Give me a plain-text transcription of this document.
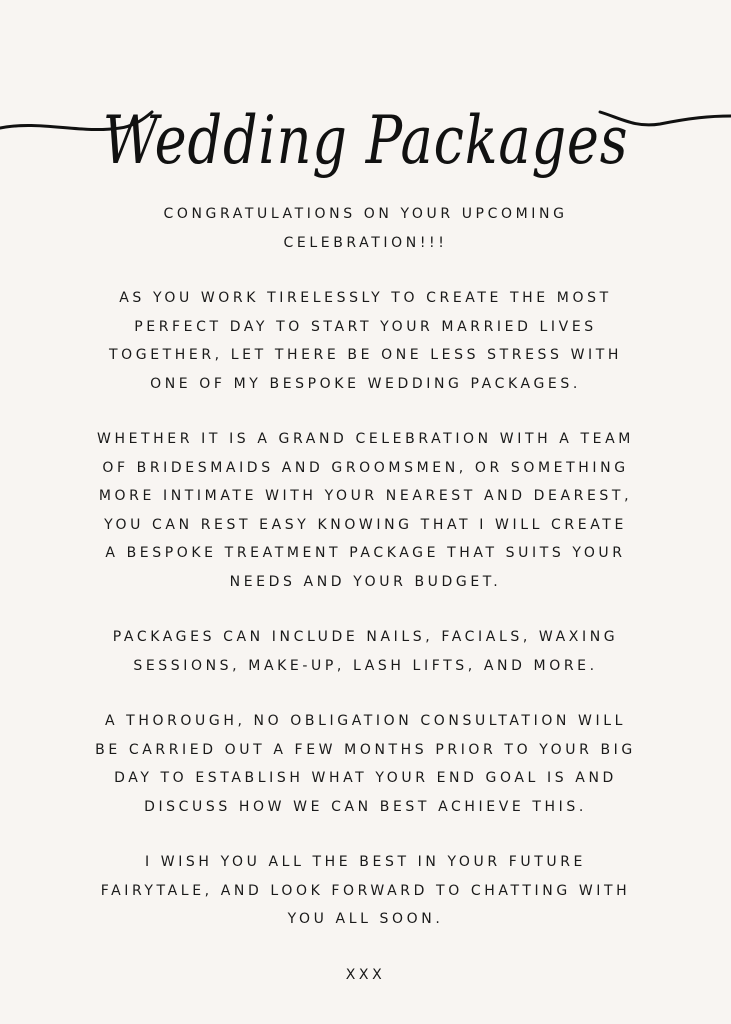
Wedding Packages
CONGRATULATIONS ON YOUR UPCOMING
CELEBRATION!!!
AS YOU WORK TIRELESSLY TO CREATE THE MOST
PERFECT DAY TO START YOUR MARRIED LIVES
TOGETHER, LET THERE BE ONE LESS STRESS WITH
ONE OF MY BESPOKE WEDDING PACKAGES.
WHETHER IT IS A GRAND CELEBRATION WITH A TEAM
OF BRIDESMAIDS AND GROOMSMEN, OR SOMETHING
MORE INTIMATE WITH YOUR NEAREST AND DEAREST,
YOU CAN REST EASY KNOWING THAT I WILL CREATE
A BESPOKE TREATMENT PACKAGE THAT SUITS YOUR
NEEDS AND YOUR BUDGET.
PACKAGES CAN INCLUDE NAILS, FACIALS, WAXING
SESSIONS, MAKE-UP, LASH LIFTS, AND MORE.
A THOROUGH, NO OBLIGATION CONSULTATION WILL
BE CARRIED OUT A FEW MONTHS PRIOR TO YOUR BIG
DAY TO ESTABLISH WHAT YOUR END GOAL IS AND
DISCUSS HOW WE CAN BEST ACHIEVE THIS.
I WISH YOU ALL THE BEST IN YOUR FUTURE
FAIRYTALE, AND LOOK FORWARD TO CHATTING WITH
YOU ALL SOON.
XXX
